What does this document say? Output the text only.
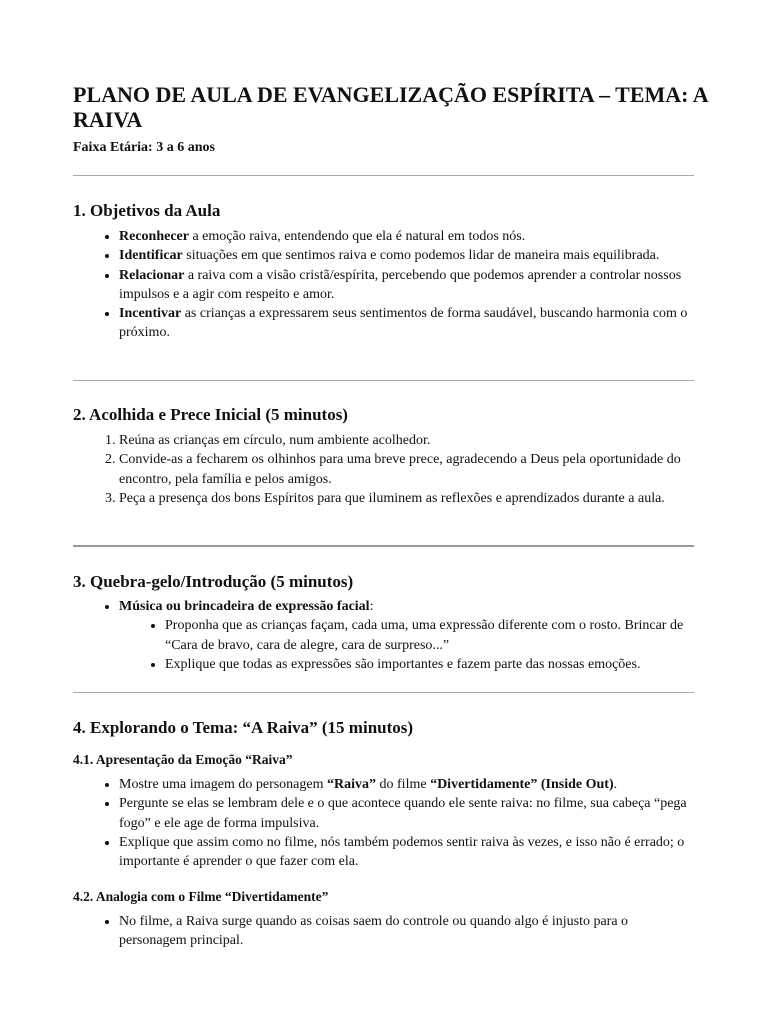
PLANO DE AULA DE EVANGELIZAÇÃO ESPÍRITA – TEMA: A RAIVA

Faixa Etária: 3 a 6 anos

1. Objetivos da Aula
• Reconhecer a emoção raiva, entendendo que ela é natural em todos nós.
• Identificar situações em que sentimos raiva e como podemos lidar de maneira mais equilibrada.
• Relacionar a raiva com a visão cristã/espírita, percebendo que podemos aprender a controlar nossos impulsos e a agir com respeito e amor.
• Incentivar as crianças a expressarem seus sentimentos de forma saudável, buscando harmonia com o próximo.
2. Acolhida e Prece Inicial (5 minutos)
1. Reúna as crianças em círculo, num ambiente acolhedor.
2. Convide-as a fecharem os olhinhos para uma breve prece, agradecendo a Deus pela oportunidade do encontro, pela família e pelos amigos.
3. Peça a presença dos bons Espíritos para que iluminem as reflexões e aprendizados durante a aula.
3. Quebra-gelo/Introdução (5 minutos)
• Música ou brincadeira de expressão facial:
• Proponha que as crianças façam, cada uma, uma expressão diferente com o rosto. Brincar de “Cara de bravo, cara de alegre, cara de surpreso...”
• Explique que todas as expressões são importantes e fazem parte das nossas emoções.
4. Explorando o Tema: “A Raiva” (15 minutos)
4.1. Apresentação da Emoção “Raiva”
• Mostre uma imagem do personagem “Raiva” do filme “Divertidamente” (Inside Out).
• Pergunte se elas se lembram dele e o que acontece quando ele sente raiva: no filme, sua cabeça “pega fogo” e ele age de forma impulsiva.
• Explique que assim como no filme, nós também podemos sentir raiva às vezes, e isso não é errado; o importante é aprender o que fazer com ela.
4.2. Analogia com o Filme “Divertidamente”
• No filme, a Raiva surge quando as coisas saem do controle ou quando algo é injusto para o personagem principal.
